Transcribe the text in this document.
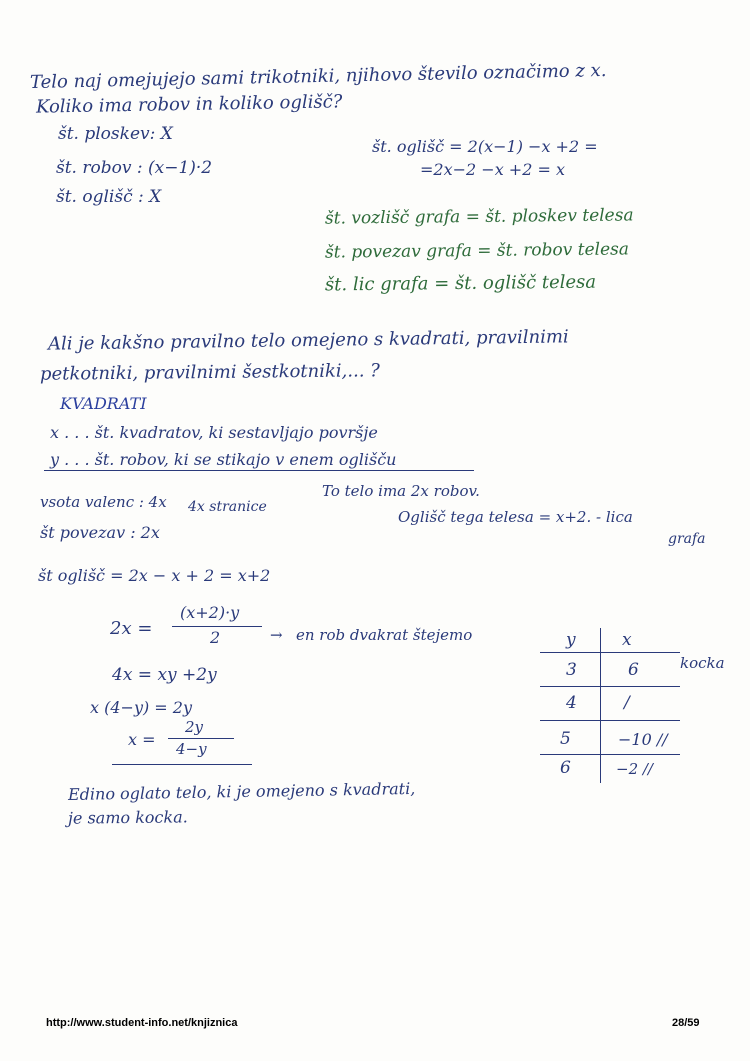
Telo naj omejujejo sami trikotniki, njihovo število označimo z x.
Koliko ima robov in koliko oglišč?
št. ploskev: X
št. robov : (x−1)·2
št. oglišč : X
št. oglišč = 2(x−1) −x +2 =
=2x−2 −x +2 = x
št. vozlišč grafa = št. ploskev telesa
št. povezav grafa = št. robov telesa
št. lic grafa = št. oglišč telesa
Ali je kakšno pravilno telo omejeno s kvadrati, pravilnimi
petkotniki, pravilnimi šestkotniki,... ?
KVADRATI
x . . . št. kvadratov, ki sestavljajo površje
y . . . št. robov, ki se stikajo v enem oglišču
To telo ima 2x robov.
Oglišč tega telesa = x+2. - lica
grafa
vsota valenc : 4x 4x stranice
št povezav : 2x
št oglišč = 2x − x + 2 = x+2
2x =
(x+2)·y
2	→ en rob dvakrat štejemo
4x = xy +2y
x (4−y) = 2y
x =
2y
4−y
y	x
3	6	kocka
4	/
5	−10 //
6	−2 //
Edino oglato telo, ki je omejeno s kvadrati,
je samo kocka.
http://www.student-info.net/knjiznica	28/59
